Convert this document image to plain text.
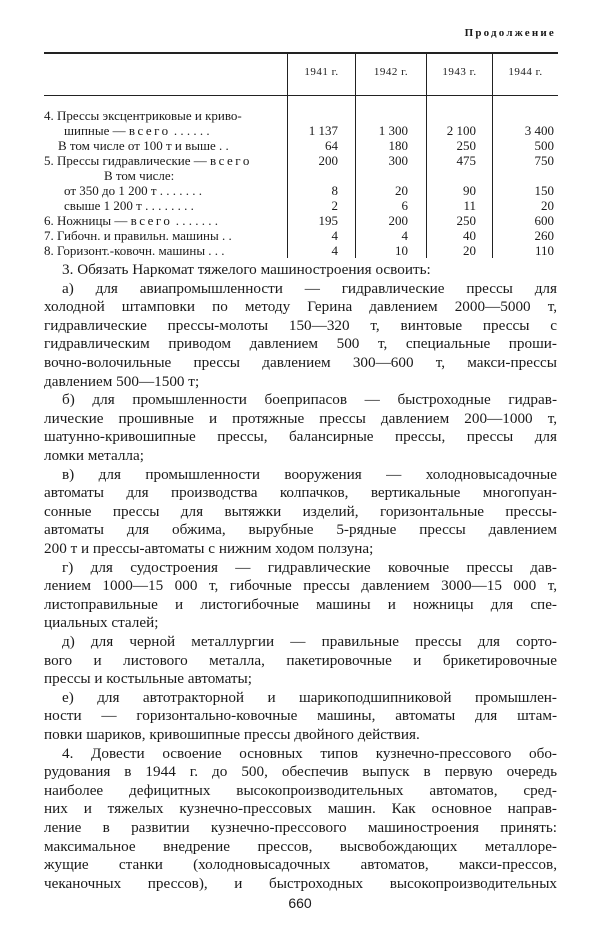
Продолжение
1941 г.	1942 г.	1943 г.	1944 г.
4. Прессы эксцентриковые и криво-
шипные — всего . . . . . .	1 137	1 300	2 100	3 400
В том числе от 100 т и выше . .	64	180	250	500
5. Прессы гидравлические — всего	200	300	475	750
В том числе:
от 350 до 1 200 т . . . . . . .	8	20	90	150
свыше 1 200 т . . . . . . . .	2	6	11	20
6. Ножницы — всего . . . . . . .	195	200	250	600
7. Гибочн. и правильн. машины . .	4	4	40	260
8. Горизонт.-ковочн. машины . . .	4	10	20	110
3. Обязать Наркомат тяжелого машиностроения освоить:
а) для авиапромышленности — гидравлические прессы для
холодной штамповки по методу Герина давлением 2000—5000 т,
гидравлические прессы-молоты 150—320 т, винтовые прессы с
гидравлическим приводом давлением 500 т, специальные проши-
вочно-волочильные прессы давлением 300—600 т, макси-прессы
давлением 500—1500 т;
б) для промышленности боеприпасов — быстроходные гидрав-
лические прошивные и протяжные прессы давлением 200—1000 т,
шатунно-кривошипные прессы, балансирные прессы, прессы для
ломки металла;
в) для промышленности вооружения — холодновысадочные
автоматы для производства колпачков, вертикальные многопуан-
сонные прессы для вытяжки изделий, горизонтальные прессы-
автоматы для обжима, вырубные 5-рядные прессы давлением
200 т и прессы-автоматы с нижним ходом ползуна;
г) для судостроения — гидравлические ковочные прессы дав-
лением 1000—15 000 т, гибочные прессы давлением 3000—15 000 т,
листоправильные и листогибочные машины и ножницы для спе-
циальных сталей;
д) для черной металлургии — правильные прессы для сорто-
вого и листового металла, пакетировочные и брикетировочные
прессы и костыльные автоматы;
е) для автотракторной и шарикоподшипниковой промышлен-
ности — горизонтально-ковочные машины, автоматы для штам-
повки шариков, кривошипные прессы двойного действия.
4. Довести освоение основных типов кузнечно-прессового обо-
рудования в 1944 г. до 500, обеспечив выпуск в первую очередь
наиболее дефицитных высокопроизводительных автоматов, сред-
них и тяжелых кузнечно-прессовых машин. Как основное направ-
ление в развитии кузнечно-прессового машиностроения принять:
максимальное внедрение прессов, высвобождающих металлоре-
жущие станки (холодновысадочных автоматов, макси-прессов,
чеканочных прессов), и быстроходных высокопроизводительных
660
